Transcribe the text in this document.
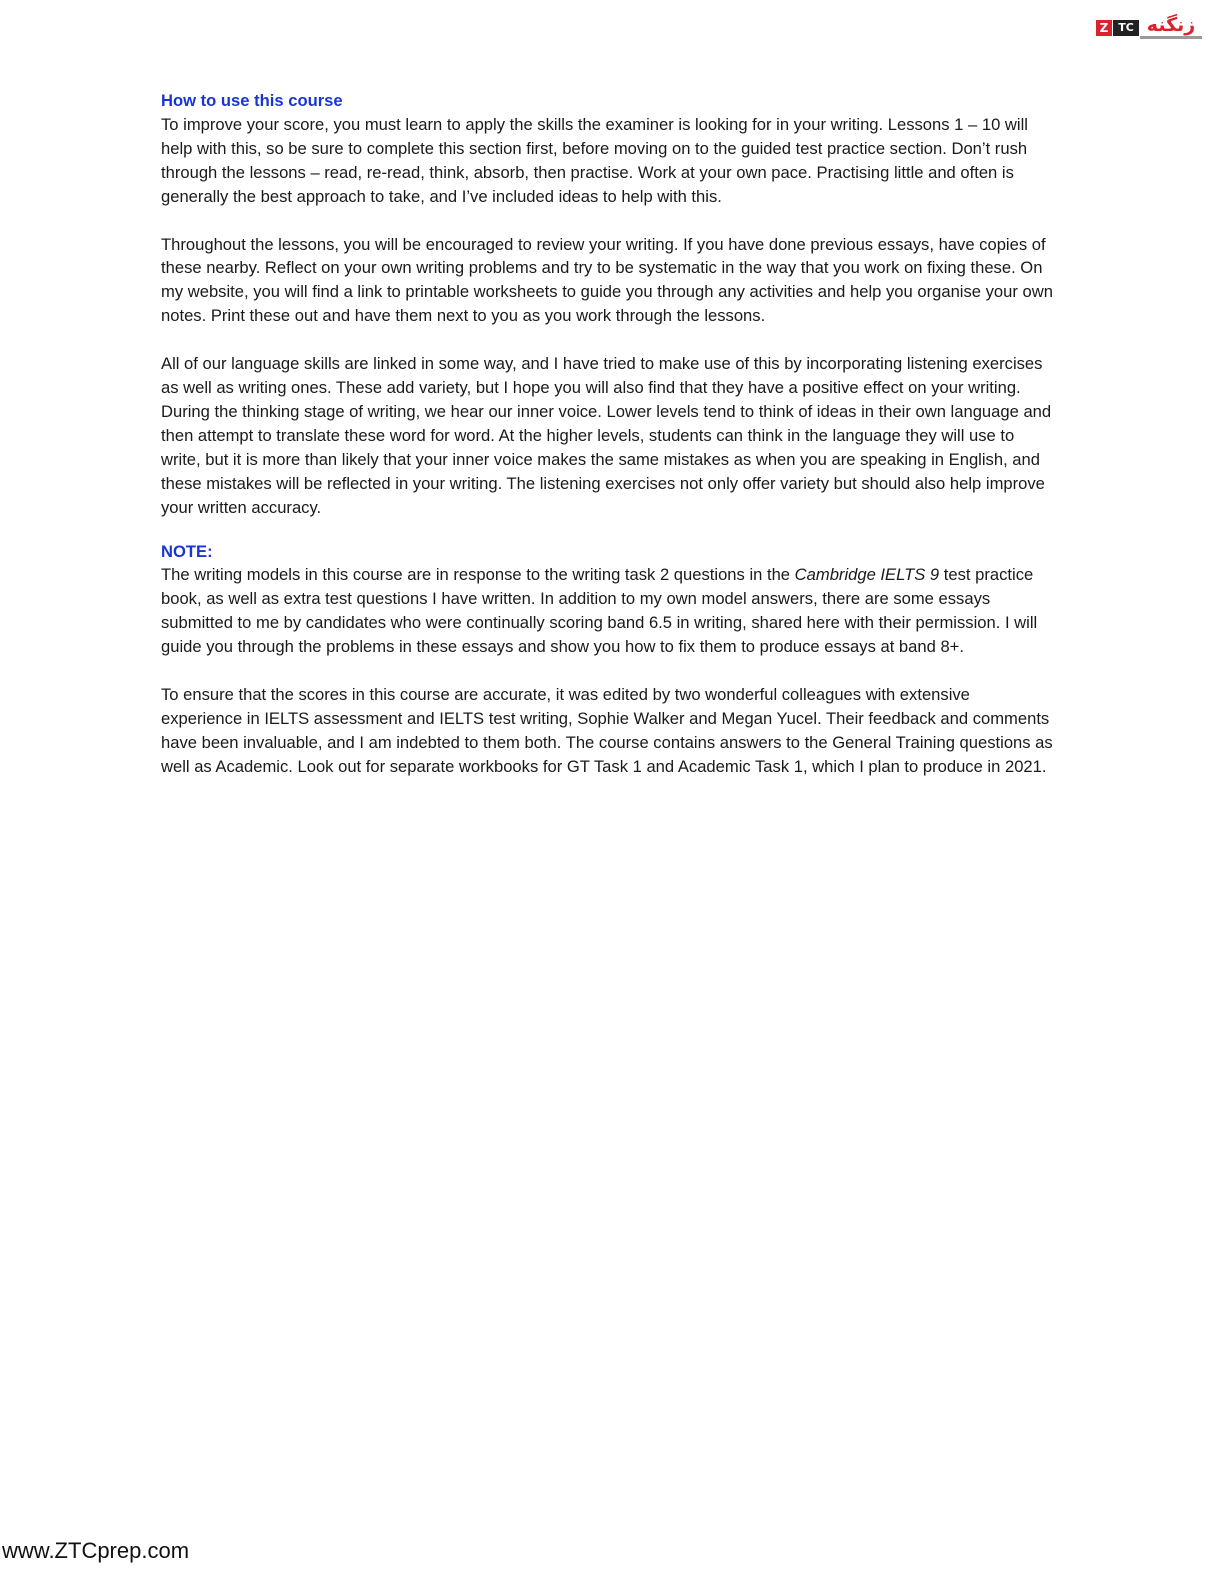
Z TC زنگنه

How to use this course

To improve your score, you must learn to apply the skills the examiner is looking for in your writing. Lessons 1 – 10 will help with this, so be sure to complete this section first, before moving on to the guided test practice section. Don’t rush through the lessons – read, re-read, think, absorb, then practise. Work at your own pace. Practising little and often is generally the best approach to take, and I’ve included ideas to help with this.

Throughout the lessons, you will be encouraged to review your writing. If you have done previous essays, have copies of these nearby. Reflect on your own writing problems and try to be systematic in the way that you work on fixing these. On my website, you will find a link to printable worksheets to guide you through any activities and help you organise your own notes. Print these out and have them next to you as you work through the lessons.

All of our language skills are linked in some way, and I have tried to make use of this by incorporating listening exercises as well as writing ones. These add variety, but I hope you will also find that they have a positive effect on your writing. During the thinking stage of writing, we hear our inner voice. Lower levels tend to think of ideas in their own language and then attempt to translate these word for word. At the higher levels, students can think in the language they will use to write, but it is more than likely that your inner voice makes the same mistakes as when you are speaking in English, and these mistakes will be reflected in your writing. The listening exercises not only offer variety but should also help improve your written accuracy.

NOTE:

The writing models in this course are in response to the writing task 2 questions in the Cambridge IELTS 9 test practice book, as well as extra test questions I have written. In addition to my own model answers, there are some essays submitted to me by candidates who were continually scoring band 6.5 in writing, shared here with their permission. I will guide you through the problems in these essays and show you how to fix them to produce essays at band 8+.

To ensure that the scores in this course are accurate, it was edited by two wonderful colleagues with extensive experience in IELTS assessment and IELTS test writing, Sophie Walker and Megan Yucel. Their feedback and comments have been invaluable, and I am indebted to them both. The course contains answers to the General Training questions as well as Academic. Look out for separate workbooks for GT Task 1 and Academic Task 1, which I plan to produce in 2021.

www.ZTCprep.com
